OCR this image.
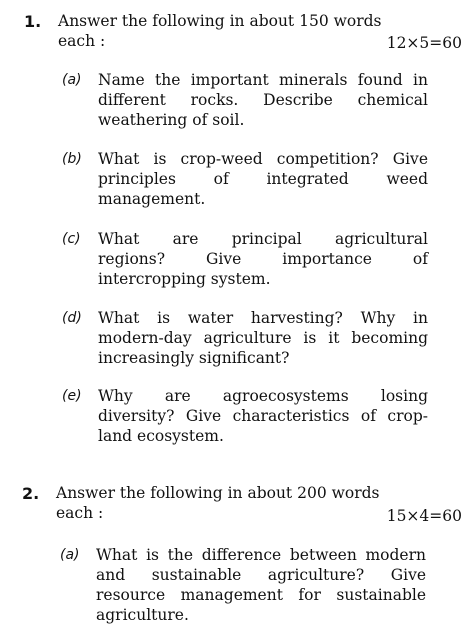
1. Answer the following in about 150 words
each :	12×5=60
(a) Name the important minerals found in
different rocks. Describe chemical
weathering of soil.
(b) What is crop-weed competition? Give
principles of integrated weed
management.
(c) What are principal agricultural
regions? Give importance of
intercropping system.
(d) What is water harvesting? Why in
modern-day agriculture is it becoming
increasingly significant?
(e) Why are agroecosystems losing
diversity? Give characteristics of crop-
land ecosystem.
2. Answer the following in about 200 words
each :	15×4=60
(a) What is the difference between modern
and sustainable agriculture? Give
resource management for sustainable
agriculture.
